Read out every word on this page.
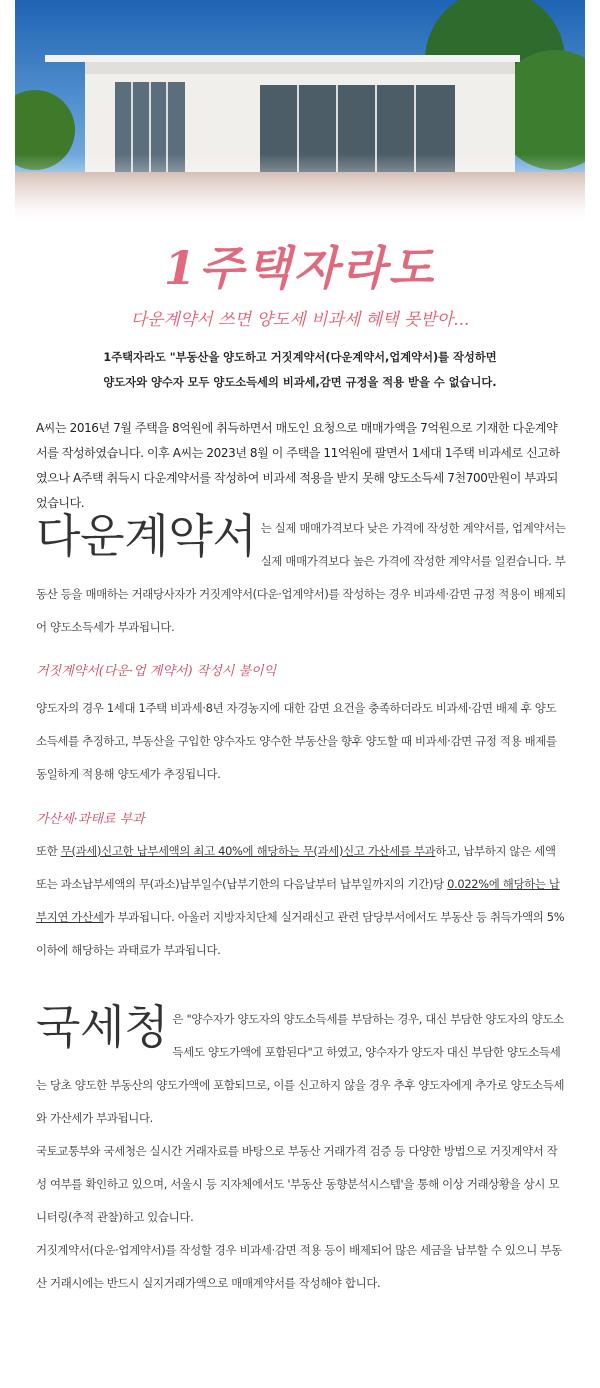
1주택자라도
다운계약서 쓰면 양도세 비과세 혜택 못받아...
1주택자라도 "부동산을 양도하고 거짓계약서(다운계약서,업계약서)를 작성하면
양도자와 양수자 모두 양도소득세의 비과세,감면 규정을 적용 받을 수 없습니다.
A씨는 2016년 7월 주택을 8억원에 취득하면서 매도인 요청으로 매매가액을 7억원으로 기재한 다운계약서를 작성하였습니다. 이후 A씨는 2023년 8월 이 주택을 11억원에 팔면서 1세대 1주택 비과세로 신고하였으나 A주택 취득시 다운계약서를 작성하여 비과세 적용을 받지 못해 양도소득세 7천700만원이 부과되었습니다.
다운계약서 는 실제 매매가격보다 낮은 가격에 작성한 계약서를, 업계약서는 실제 매매가격보다 높은 가격에 작성한 계약서를 일컫습니다. 부동산 등을 매매하는 거래당사자가 거짓계약서(다운·업계약서)를 작성하는 경우 비과세·감면 규정 적용이 배제되어 양도소득세가 부과됩니다.
거짓계약서(다운·업 계약서) 작성시 불이익
양도자의 경우 1세대 1주택 비과세·8년 자경농지에 대한 감면 요건을 충족하더라도 비과세·감면 배제 후 양도소득세를 추징하고, 부동산을 구입한 양수자도 양수한 부동산을 향후 양도할 때 비과세·감면 규정 적용 배제를 동일하게 적용해 양도세가 추징됩니다.
가산세·과태료 부과
또한 무(과세)신고한 납부세액의 최고 40%에 해당하는 무(과세)신고 가산세를 부과하고, 납부하지 않은 세액 또는 과소납부세액의 무(과소)납부일수(납부기한의 다음날부터 납부일까지의 기간)당 0.022%에 해당하는 납부지연 가산세가 부과됩니다. 아울러 지방자치단체 실거래신고 관련 담당부서에서도 부동산 등 취득가액의 5% 이하에 해당하는 과태료가 부과됩니다.
국세청 은 "양수자가 양도자의 양도소득세를 부담하는 경우, 대신 부담한 양도자의 양도소득세도 양도가액에 포함된다"고 하였고, 양수자가 양도자 대신 부담한 양도소득세는 당초 양도한 부동산의 양도가액에 포함되므로, 이를 신고하지 않을 경우 추후 양도자에게 추가로 양도소득세와 가산세가 부과됩니다.
국토교통부와 국세청은 실시간 거래자료를 바탕으로 부동산 거래가격 검증 등 다양한 방법으로 거짓계약서 작성 여부를 확인하고 있으며, 서울시 등 지자체에서도 '부동산 동향분석시스템'을 통해 이상 거래상황을 상시 모니터링(추적 관찰)하고 있습니다.
거짓계약서(다운·업계약서)를 작성할 경우 비과세·감면 적용 등이 배제되어 많은 세금을 납부할 수 있으니 부동산 거래시에는 반드시 실지거래가액으로 매매계약서를 작성해야 합니다.
